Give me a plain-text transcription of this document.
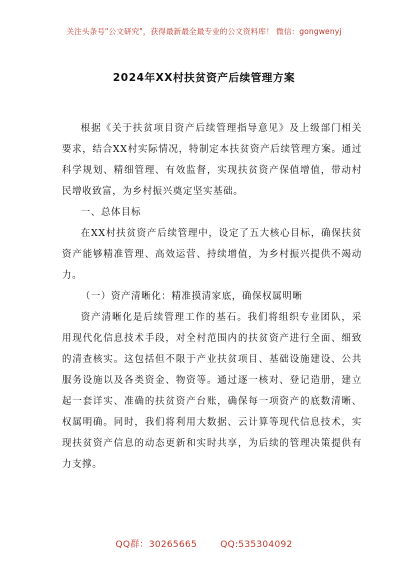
关注头条号"公文研究"，获得最新最全最专业的公文资料库！ 微信：gongwenyj
2024年XX村扶贫资产后续管理方案

根据《关于扶贫项目资产后续管理指导意见》及上级部门相关要求，结合XX村实际情况，特制定本扶贫资产后续管理方案。通过科学规划、精细管理、有效监督，实现扶贫资产保值增值，带动村民增收致富，为乡村振兴奠定坚实基础。

一、总体目标

在XX村扶贫资产后续管理中，设定了五大核心目标，确保扶贫资产能够精准管理、高效运营、持续增值，为乡村振兴提供不竭动力。

（一）资产清晰化：精准摸清家底，确保权属明晰

资产清晰化是后续管理工作的基石。我们将组织专业团队，采用现代化信息技术手段，对全村范围内的扶贫资产进行全面、细致的清查核实。这包括但不限于产业扶贫项目、基础设施建设、公共服务设施以及各类资金、物资等。通过逐一核对、登记造册，建立起一套详实、准确的扶贫资产台账，确保每一项资产的底数清晰、权属明确。同时，我们将利用大数据、云计算等现代信息技术，实现扶贫资产信息的动态更新和实时共享，为后续的管理决策提供有力支撑。

QQ群：30265665	QQ:535304092
